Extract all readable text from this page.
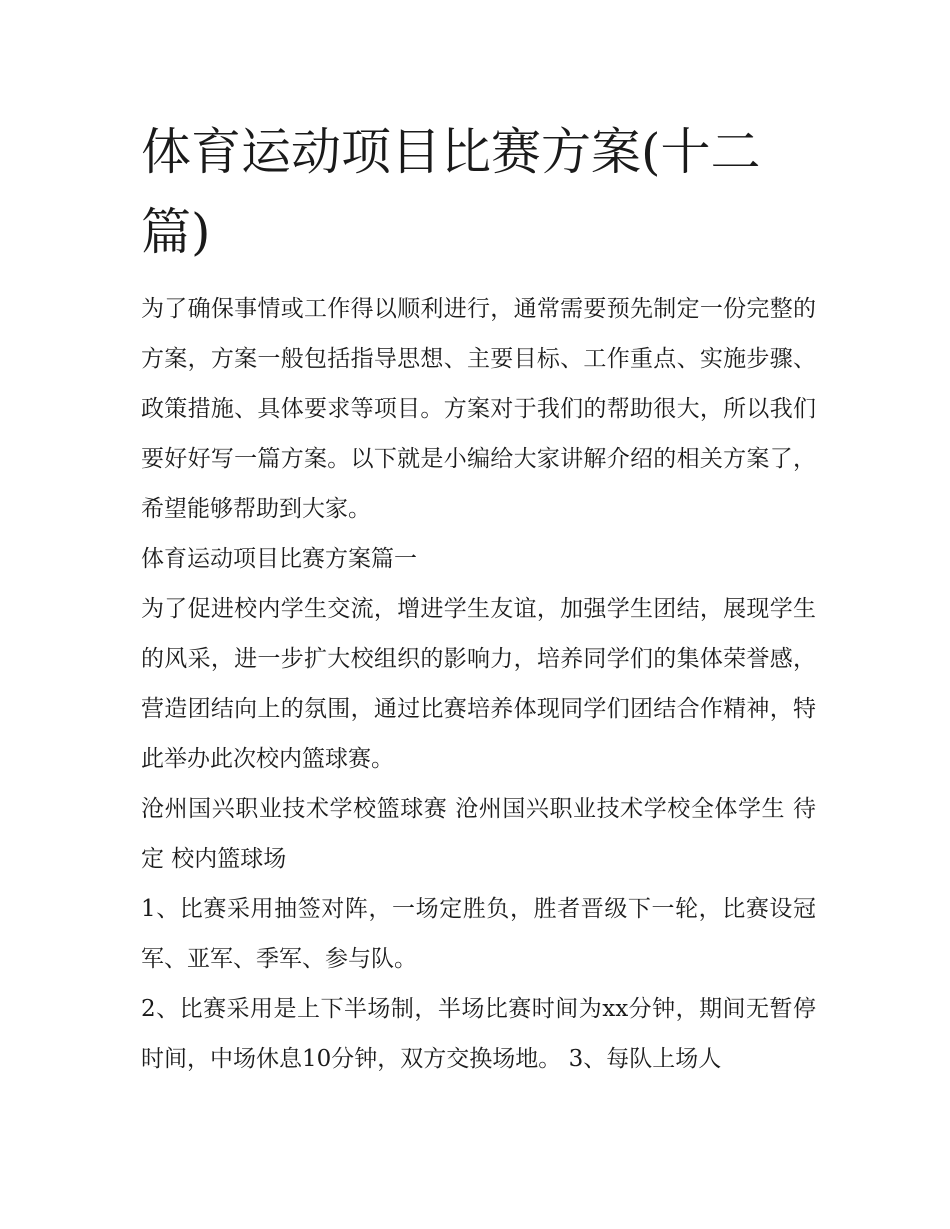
体育运动项目比赛方案(十二篇)

为了确保事情或工作得以顺利进行，通常需要预先制定一份完整的方案，方案一般包括指导思想、主要目标、工作重点、实施步骤、政策措施、具体要求等项目。方案对于我们的帮助很大，所以我们要好好写一篇方案。以下就是小编给大家讲解介绍的相关方案了，希望能够帮助到大家。

体育运动项目比赛方案篇一

为了促进校内学生交流，增进学生友谊，加强学生团结，展现学生的风采，进一步扩大校组织的影响力，培养同学们的集体荣誉感，营造团结向上的氛围，通过比赛培养体现同学们团结合作精神，特此举办此次校内篮球赛。

沧州国兴职业技术学校篮球赛 沧州国兴职业技术学校全体学生 待定 校内篮球场

1、比赛采用抽签对阵，一场定胜负，胜者晋级下一轮，比赛设冠军、亚军、季军、参与队。

2、比赛采用是上下半场制，半场比赛时间为xx分钟，期间无暂停时间，中场休息10分钟，双方交换场地。 3、每队上场人
